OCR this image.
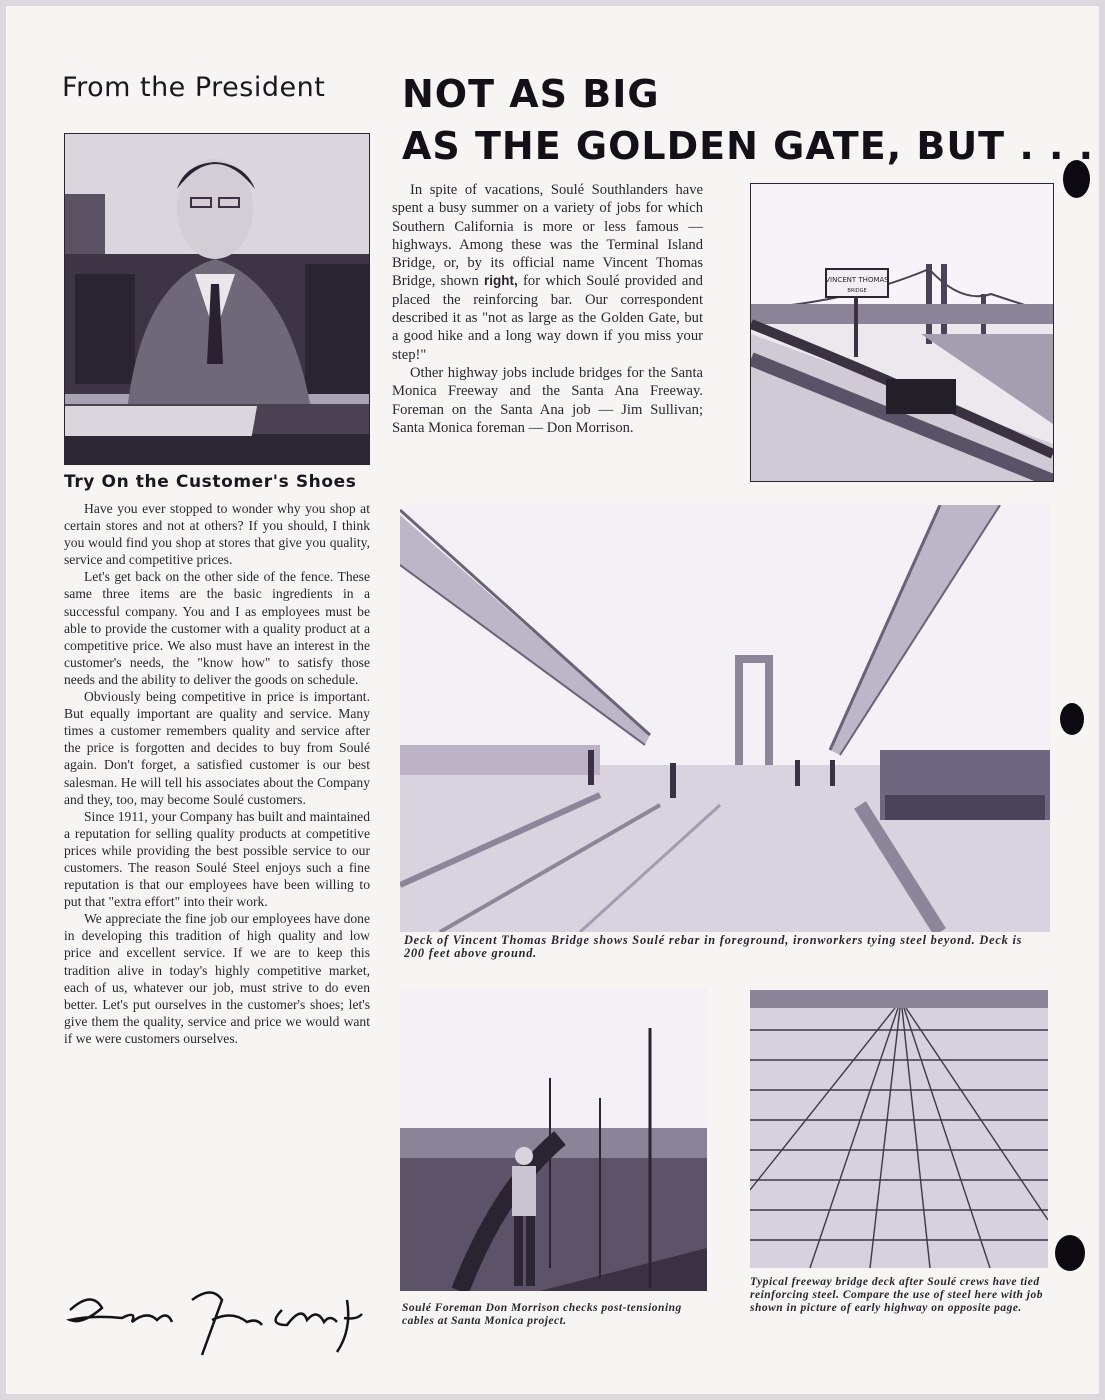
From the President
Try On the Customer's Shoes

Have you ever stopped to wonder why you shop at certain stores and not at others? If you should, I think you would find you shop at stores that give you quality, service and competitive prices.

Let's get back on the other side of the fence. These same three items are the basic ingredients in a successful company. You and I as employees must be able to provide the customer with a quality product at a competitive price. We also must have an interest in the customer's needs, the "know how" to satisfy those needs and the ability to deliver the goods on schedule.

Obviously being competitive in price is important. But equally important are quality and service. Many times a customer remembers quality and service after the price is forgotten and decides to buy from Soulé again. Don't forget, a satisfied customer is our best salesman. He will tell his associates about the Company and they, too, may become Soulé customers.

Since 1911, your Company has built and maintained a reputation for selling quality products at competitive prices while providing the best possible service to our customers. The reason Soulé Steel enjoys such a fine reputation is that our employees have been willing to put that "extra effort" into their work.

We appreciate the fine job our employees have done in developing this tradition of high quality and low price and excellent service. If we are to keep this tradition alive in today's highly competitive market, each of us, whatever our job, must strive to do even better. Let's put ourselves in the customer's shoes; let's give them the quality, service and price we would want if we were customers ourselves.

NOT AS BIG
AS THE GOLDEN GATE, BUT . . .

In spite of vacations, Soulé Southlanders have spent a busy summer on a variety of jobs for which Southern California is more or less famous — highways. Among these was the Terminal Island Bridge, or, by its official name Vincent Thomas Bridge, shown right, for which Soulé provided and placed the reinforcing bar. Our correspondent described it as "not as large as the Golden Gate, but a good hike and a long way down if you miss your step!"

Other highway jobs include bridges for the Santa Monica Freeway and the Santa Ana Freeway. Foreman on the Santa Ana job — Jim Sullivan; Santa Monica foreman — Don Morrison.

VINCENT THOMAS
BRIDGE
Deck of Vincent Thomas Bridge shows Soulé rebar in foreground, ironworkers tying steel beyond. Deck is 200 feet above ground.
Soulé Foreman Don Morrison checks post-tensioning cables at Santa Monica project.
Typical freeway bridge deck after Soulé crews have tied reinforcing steel. Compare the use of steel here with job shown in picture of early highway on opposite page.
